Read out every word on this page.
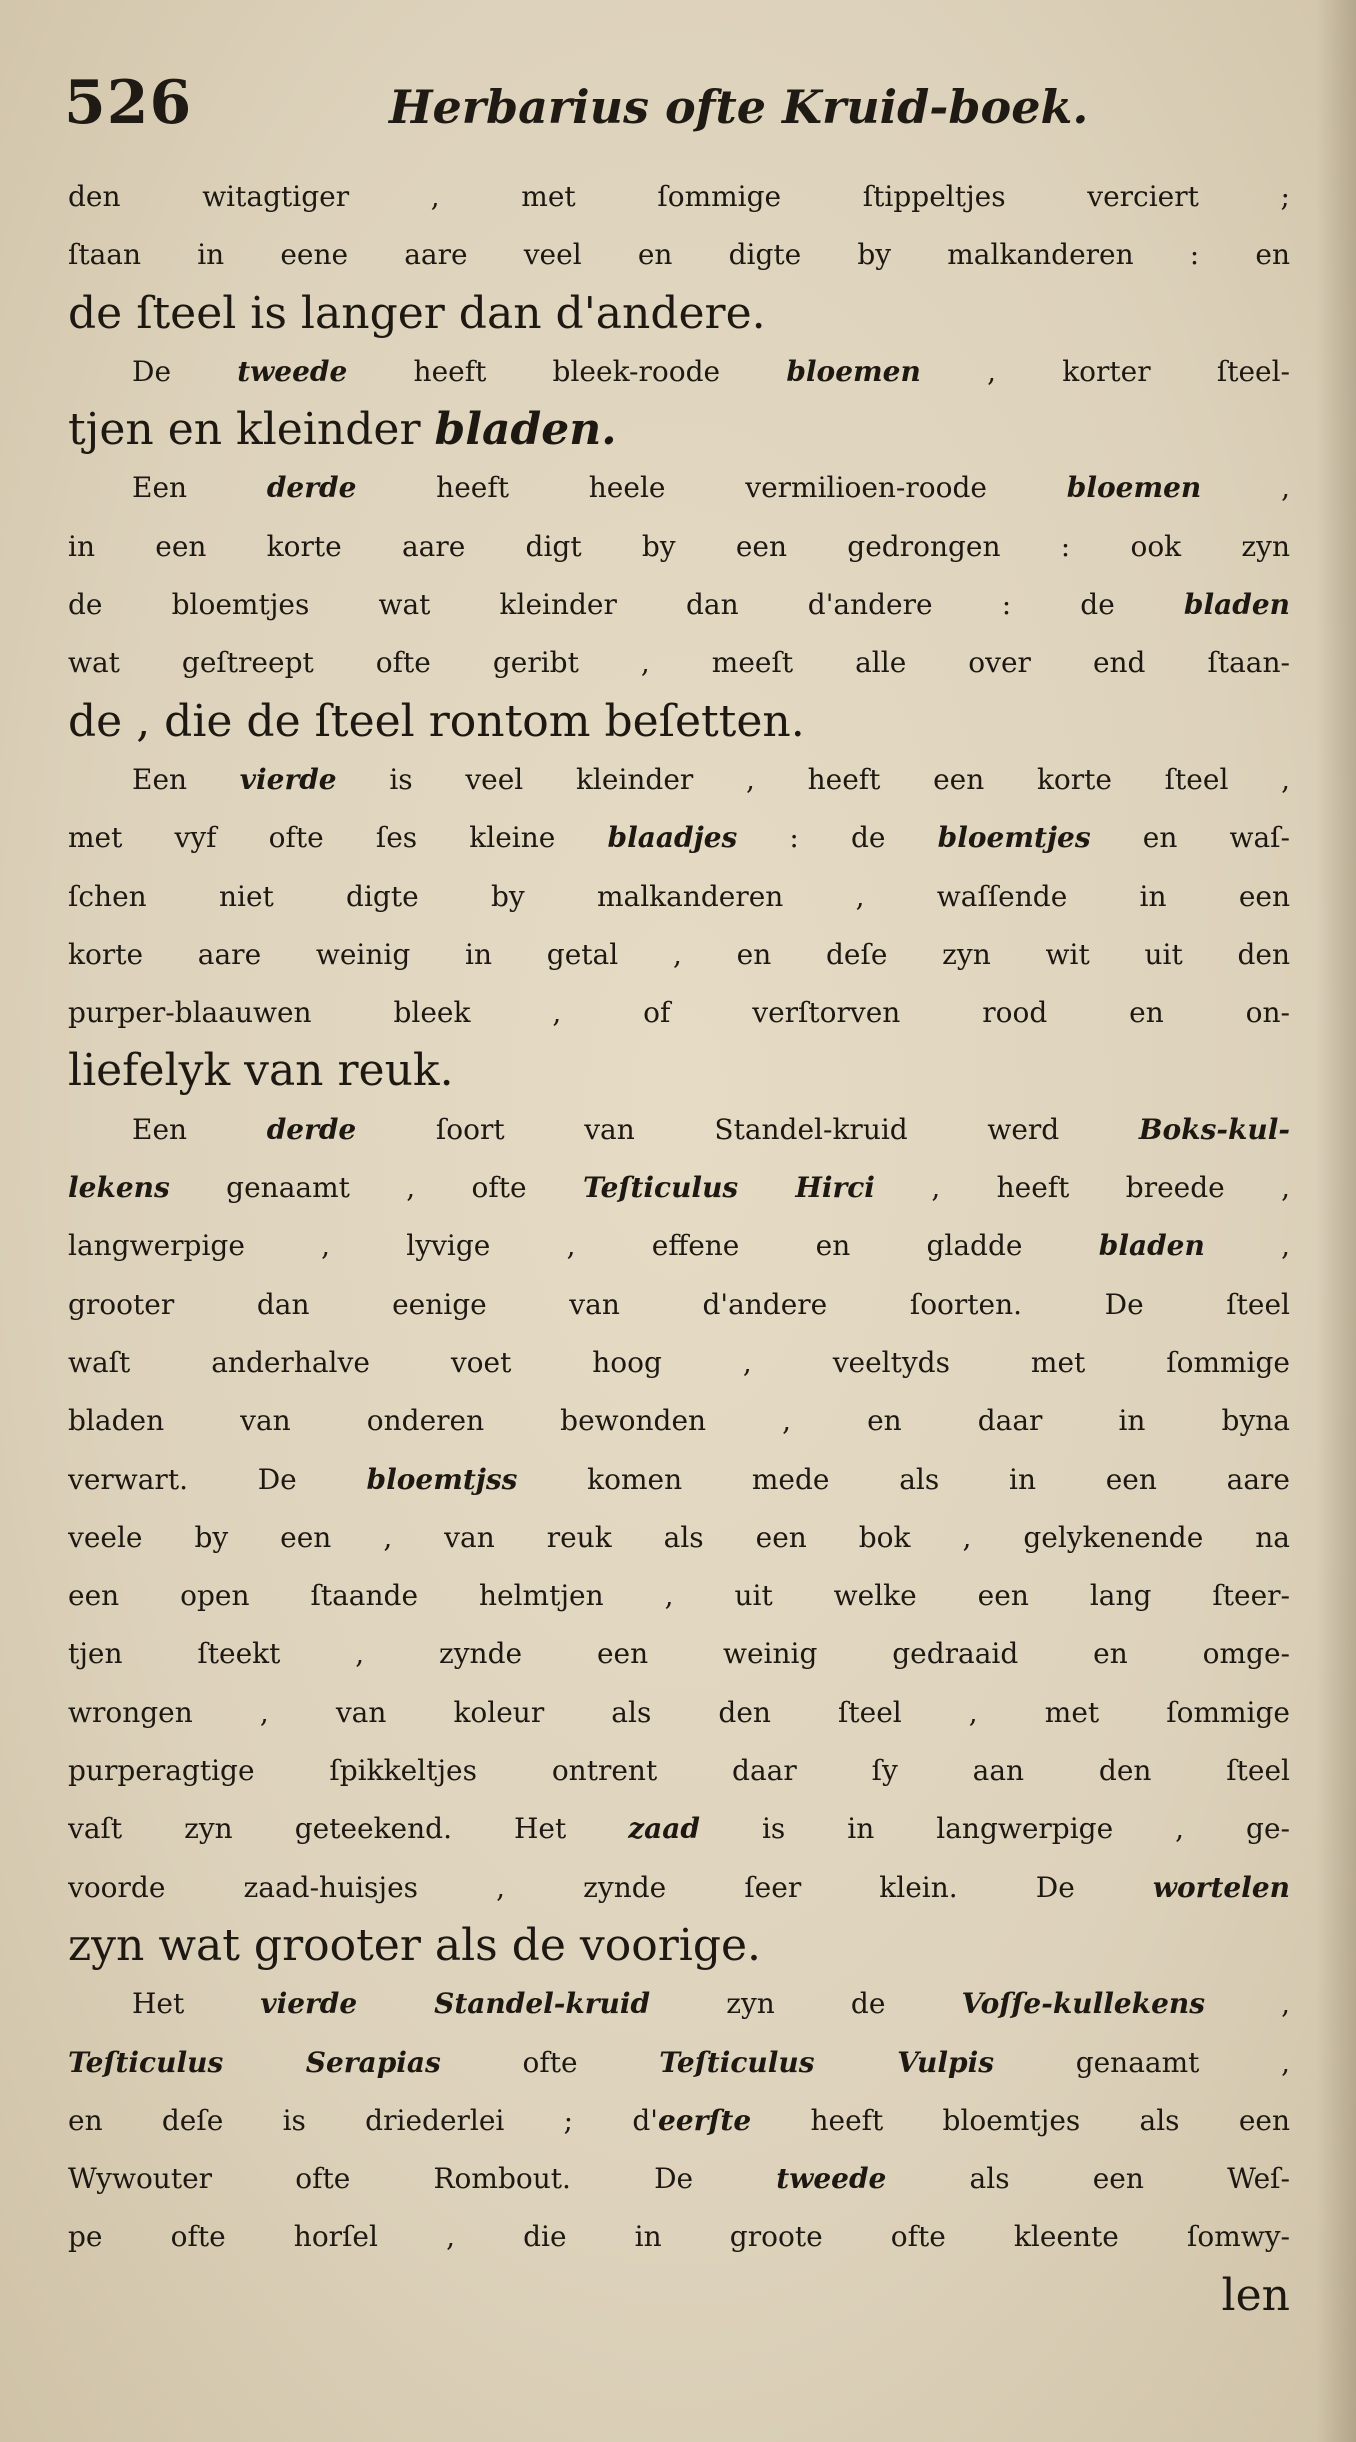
526	Herbarius ofte Kruid-boek.
den witagtiger , met ſommige ſtippeltjes verciert ;
ſtaan in eene aare veel en digte by malkanderen : en
de ſteel is langer dan d'andere.
De tweede heeft bleek-roode bloemen , korter ſteel-
tjen en kleinder bladen.
Een derde heeft heele vermilioen-roode bloemen ,
in een korte aare digt by een gedrongen : ook zyn
de bloemtjes wat kleinder dan d'andere : de bladen
wat geſtreept ofte geribt , meeſt alle over end ſtaan-
de , die de ſteel rontom beſetten.
Een vierde is veel kleinder , heeft een korte ſteel ,
met vyf ofte ſes kleine blaadjes : de bloemtjes en waſ-
ſchen niet digte by malkanderen , waſſende in een
korte aare weinig in getal , en deſe zyn wit uit den
purper-blaauwen bleek , of verſtorven rood en on-
liefelyk van reuk.
Een derde ſoort van Standel-kruid werd Boks-kul-
lekens genaamt , ofte Teſticulus Hirci , heeft breede ,
langwerpige , lyvige , effene en gladde bladen ,
grooter dan eenige van d'andere ſoorten. De ſteel
waſt anderhalve voet hoog , veeltyds met ſommige
bladen van onderen bewonden , en daar in byna
verwart. De bloemtjss komen mede als in een aare
veele by een , van reuk als een bok , gelykenende na
een open ſtaande helmtjen , uit welke een lang ſteer-
tjen ſteekt , zynde een weinig gedraaid en omge-
wrongen , van koleur als den ſteel , met ſommige
purperagtige ſpikkeltjes ontrent daar ſy aan den ſteel
vaſt zyn geteekend. Het zaad is in langwerpige , ge-
voorde zaad-huisjes , zynde ſeer klein. De wortelen
zyn wat grooter als de voorige.
Het vierde Standel-kruid zyn de Voſſe-kullekens ,
Teſticulus Serapias ofte Teſticulus Vulpis genaamt ,
en deſe is driederlei ; d'eerſte heeft bloemtjes als een
Wywouter ofte Rombout. De tweede als een Weſ-
pe ofte horſel , die in groote ofte kleente ſomwy-
len
